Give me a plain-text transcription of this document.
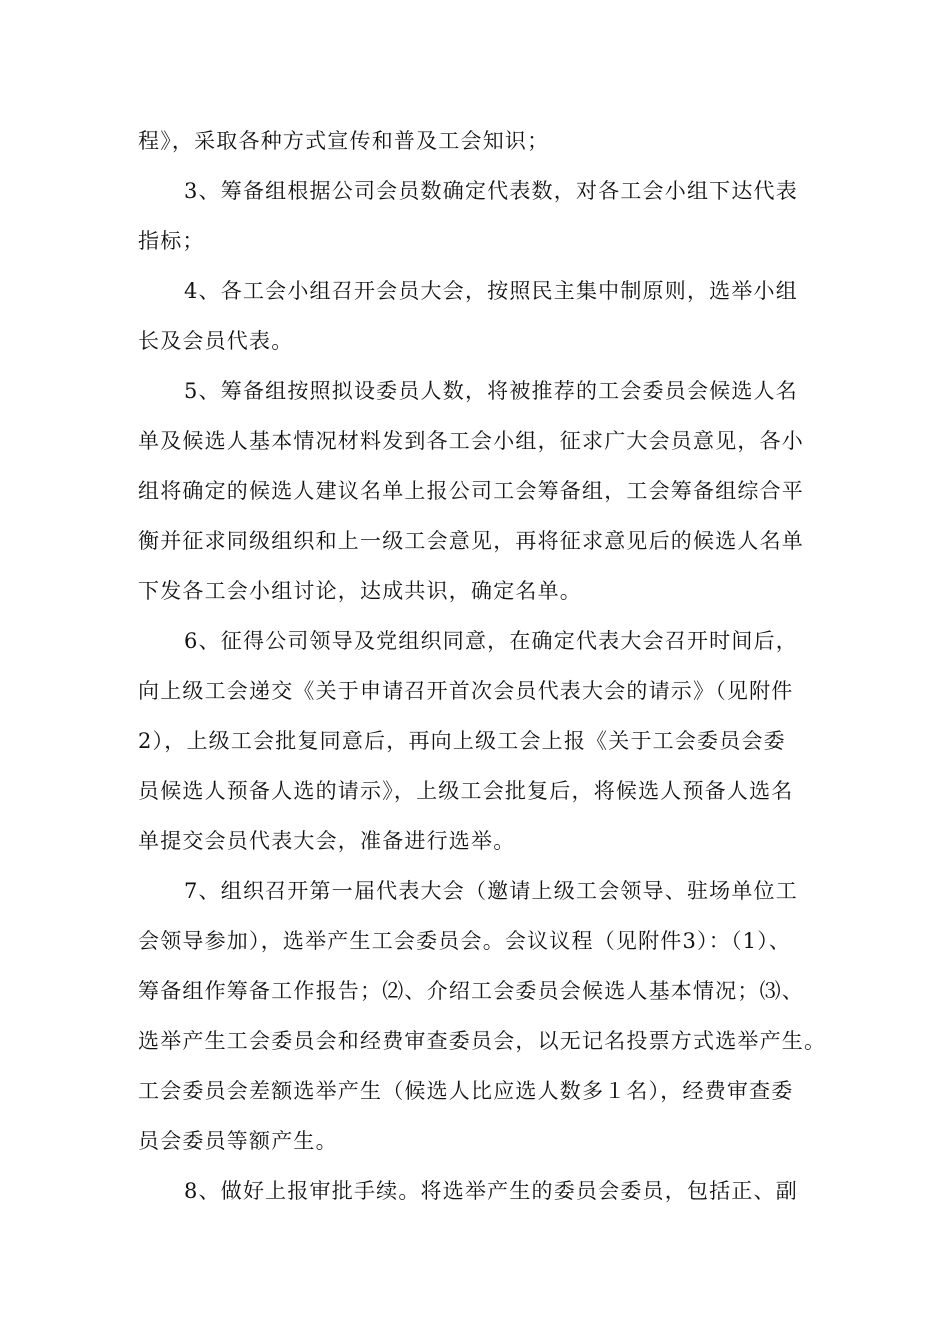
程》，采取各种方式宣传和普及工会知识；
3、筹备组根据公司会员数确定代表数，对各工会小组下达代表
指标；
4、各工会小组召开会员大会，按照民主集中制原则，选举小组
长及会员代表。
5、筹备组按照拟设委员人数，将被推荐的工会委员会候选人名
单及候选人基本情况材料发到各工会小组，征求广大会员意见，各小
组将确定的候选人建议名单上报公司工会筹备组，工会筹备组综合平
衡并征求同级组织和上一级工会意见，再将征求意见后的候选人名单
下发各工会小组讨论，达成共识，确定名单。
6、征得公司领导及党组织同意，在确定代表大会召开时间后，
向上级工会递交《关于申请召开首次会员代表大会的请示》（见附件
2），上级工会批复同意后，再向上级工会上报《关于工会委员会委
员候选人预备人选的请示》，上级工会批复后，将候选人预备人选名
单提交会员代表大会，准备进行选举。
7、组织召开第一届代表大会（邀请上级工会领导、驻场单位工
会领导参加），选举产生工会委员会。会议议程（见附件3）：（1）、
筹备组作筹备工作报告；⑵、介绍工会委员会候选人基本情况；⑶、
选举产生工会委员会和经费审查委员会，以无记名投票方式选举产生。
工会委员会差额选举产生（候选人比应选人数多１名），经费审查委
员会委员等额产生。
8、做好上报审批手续。将选举产生的委员会委员，包括正、副
